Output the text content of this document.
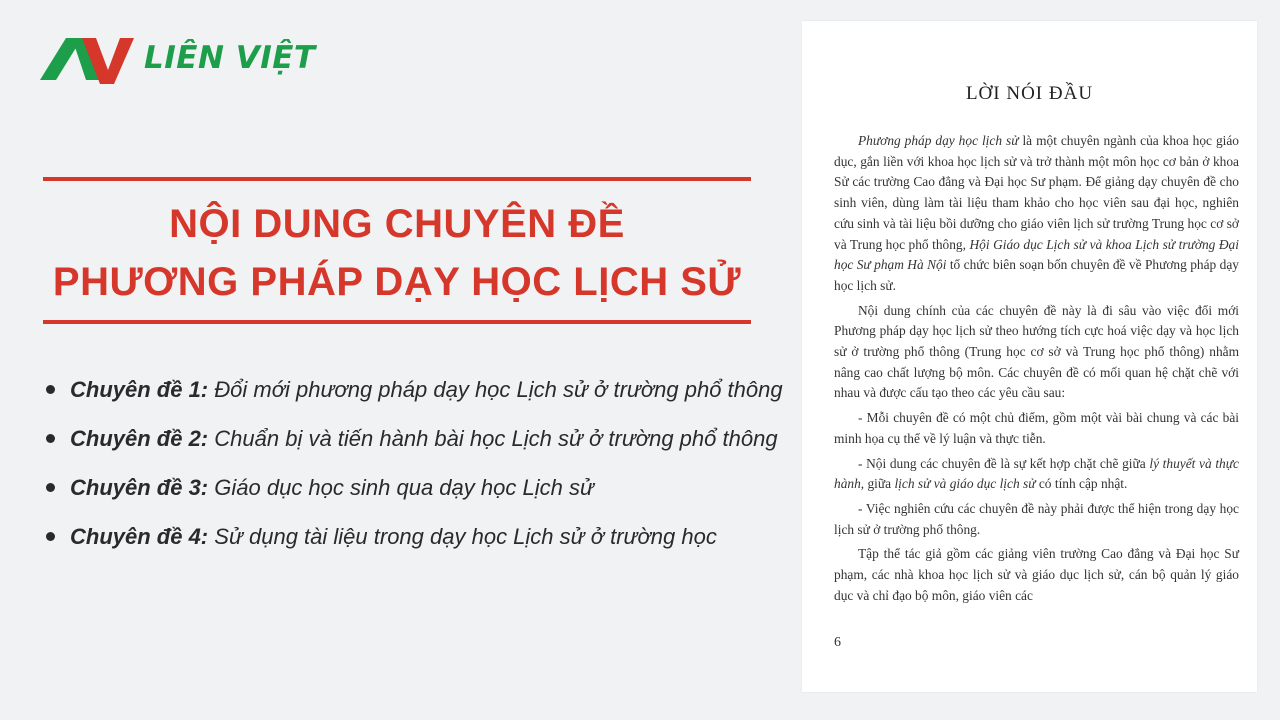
LIÊN VIỆT
NỘI DUNG CHUYÊN ĐỀ
PHƯƠNG PHÁP DẠY HỌC LỊCH SỬ
Chuyên đề 1: Đổi mới phương pháp dạy học Lịch sử ở trường phổ thông
Chuyên đề 2: Chuẩn bị và tiến hành bài học Lịch sử ở trường phổ thông
Chuyên đề 3: Giáo dục học sinh qua dạy học Lịch sử
Chuyên đề 4: Sử dụng tài liệu trong dạy học Lịch sử ở trường học
LỜI NÓI ĐẦU

Phương pháp dạy học lịch sử là một chuyên ngành của khoa học giáo dục, gắn liền với khoa học lịch sử và trở thành một môn học cơ bản ở khoa Sử các trường Cao đẳng và Đại học Sư phạm. Để giảng dạy chuyên đề cho sinh viên, dùng làm tài liệu tham khảo cho học viên sau đại học, nghiên cứu sinh và tài liệu bồi dưỡng cho giáo viên lịch sử trường Trung học cơ sở và Trung học phổ thông, Hội Giáo dục Lịch sử và khoa Lịch sử trường Đại học Sư phạm Hà Nội tổ chức biên soạn bốn chuyên đề về Phương pháp dạy học lịch sử.

Nội dung chính của các chuyên đề này là đi sâu vào việc đổi mới Phương pháp dạy học lịch sử theo hướng tích cực hoá việc dạy và học lịch sử ở trường phổ thông (Trung học cơ sở và Trung học phổ thông) nhằm nâng cao chất lượng bộ môn. Các chuyên đề có mối quan hệ chặt chẽ với nhau và được cấu tạo theo các yêu cầu sau:

- Mỗi chuyên đề có một chủ điểm, gồm một vài bài chung và các bài minh họa cụ thể về lý luận và thực tiễn.

- Nội dung các chuyên đề là sự kết hợp chặt chẽ giữa lý thuyết và thực hành, giữa lịch sử và giáo dục lịch sử có tính cập nhật.

- Việc nghiên cứu các chuyên đề này phải được thể hiện trong dạy học lịch sử ở trường phổ thông.

Tập thể tác giả gồm các giảng viên trường Cao đẳng và Đại học Sư phạm, các nhà khoa học lịch sử và giáo dục lịch sử, cán bộ quản lý giáo dục và chỉ đạo bộ môn, giáo viên các

6
